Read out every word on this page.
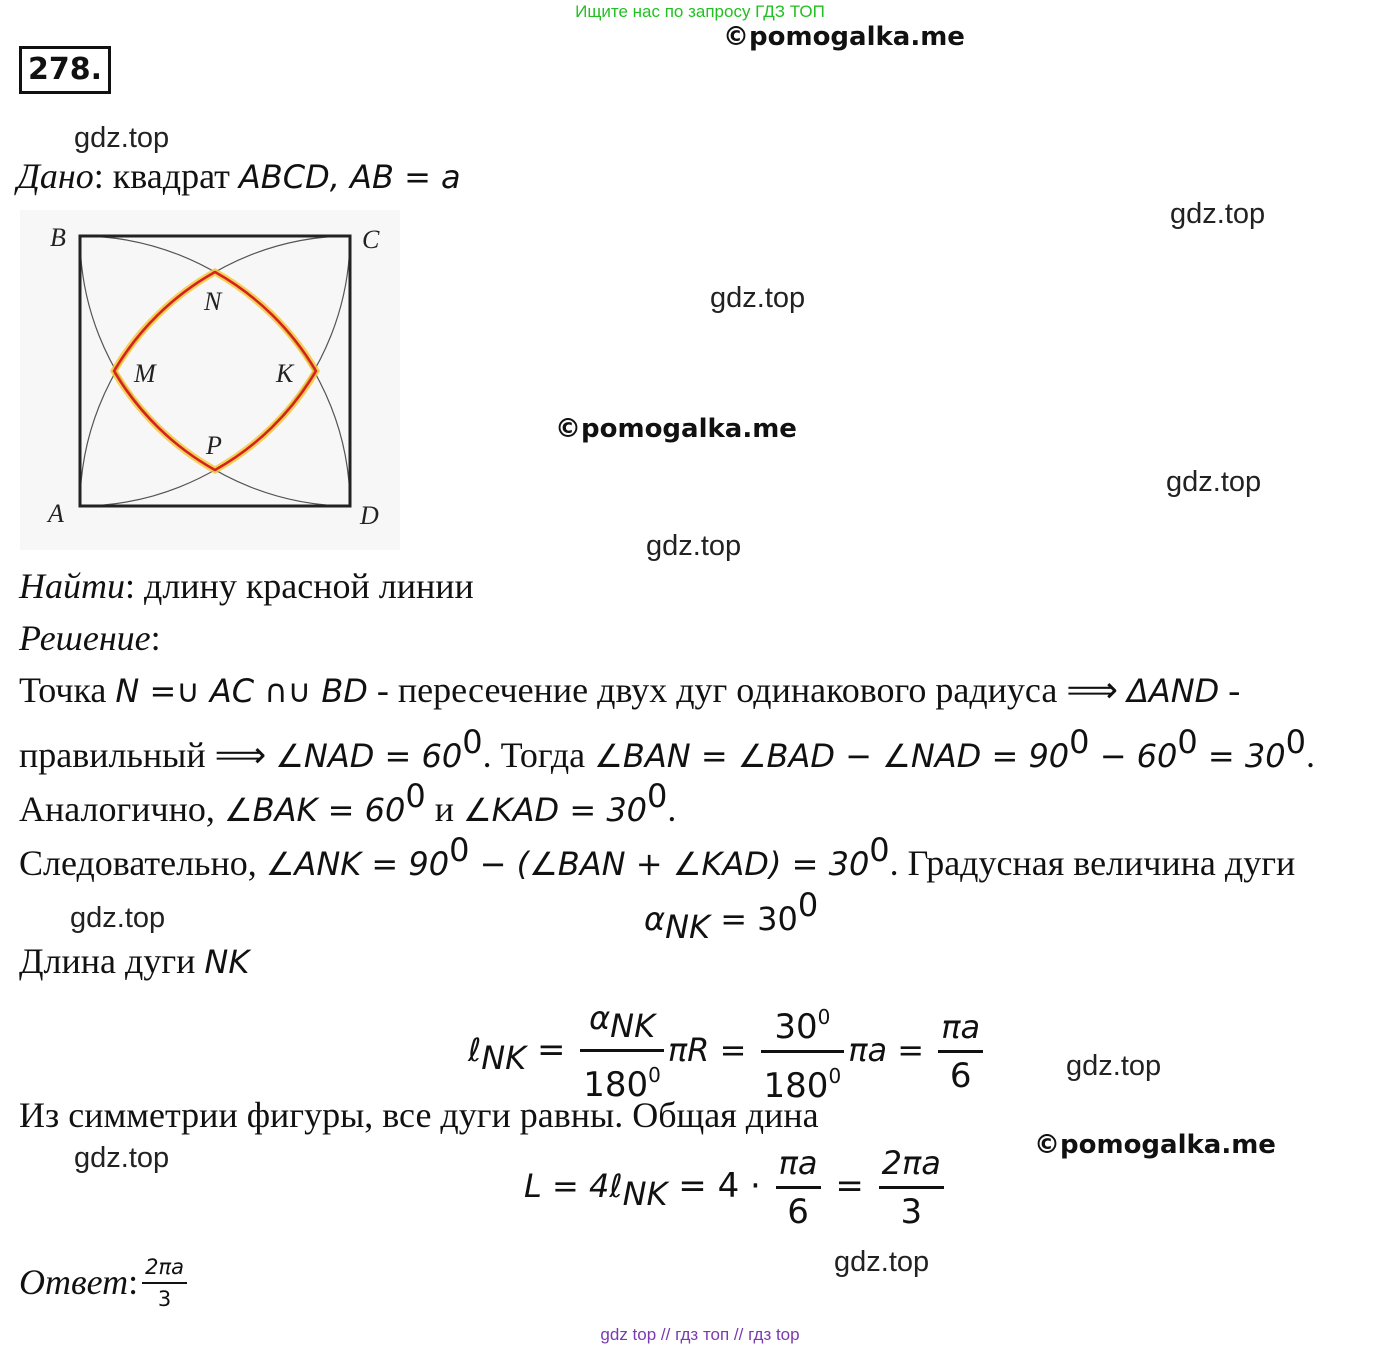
Ищите нас по запросу ГДЗ ТОП
278.
©pomogalka.me
gdz.top
Дано: квадрат ABCD, AB = a
gdz.top
gdz.top
©pomogalka.me
gdz.top
gdz.top
B	C
A	D
N
M	K
P
Найти: длину красной линии
Решение:
Точка N =∪ AC ∩∪ BD - пересечение двух дуг одинакового радиуса ⟹ ΔAND -
правильный ⟹ ∠NAD = $60^0$. Тогда ∠BAN = ∠BAD − ∠NAD = $90^0 - 60^0 = 30^0$.
Аналогично, ∠BAK = $60^0$ и ∠KAD = $30^0$.
Следовательно, ∠ANK = $90^0$ − (∠BAN + ∠KAD) = $30^0$. Градусная величина дуги
gdz.top	$\alpha_{NK} = 30^0$
Длина дуги NK
ℓ$_{NK}$ = $\frac{\alpha_{NK}}{180^0}$ $\pi R = \frac{30^0}{180^0}$ $\pi a = \frac{\pi a}{6}$	gdz.top
Из симметрии фигуры, все дуги равны. Общая дина
©pomogalka.me
gdz.top
L = 4ℓ$_{NK}$ = $4 \cdot \frac{\pi a}{6} = \frac{2\pi a}{3}$
Ответ: $\frac{2\pi a}{3}$	gdz.top
gdz top // гдз топ // гдз top
